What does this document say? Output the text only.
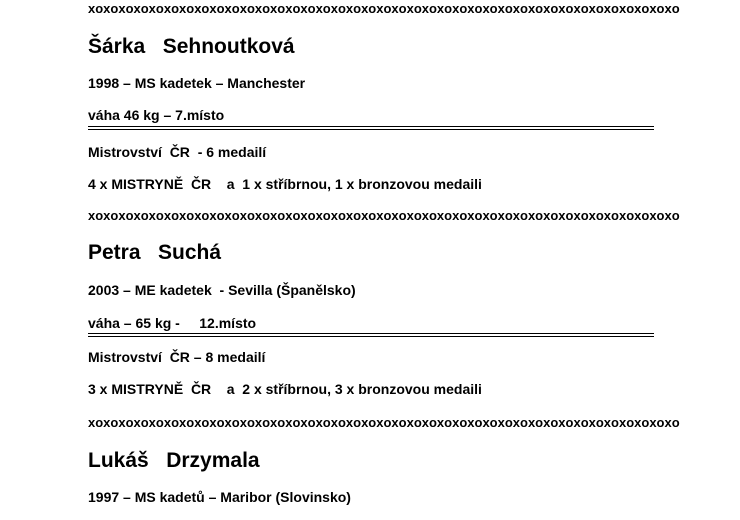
xoxoxoxoxoxoxoxoxoxoxoxoxoxoxoxoxoxoxoxoxoxoxoxoxoxoxoxoxoxoxoxoxoxoxoxoxoxoxo
Šárka   Sehnoutková
1998 – MS kadetek – Manchester
váha 46 kg – 7.místo
Mistrovství  ČR  - 6 medailí
4 x MISTRYNĚ  ČR    a  1 x stříbrnou, 1 x bronzovou medaili
xoxoxoxoxoxoxoxoxoxoxoxoxoxoxoxoxoxoxoxoxoxoxoxoxoxoxoxoxoxoxoxoxoxoxoxoxoxoxo
Petra   Suchá
2003 – ME kadetek  - Sevilla (Španělsko)
váha – 65 kg -     12.místo
Mistrovství  ČR – 8 medailí
3 x MISTRYNĚ  ČR    a  2 x stříbrnou, 3 x bronzovou medaili
xoxoxoxoxoxoxoxoxoxoxoxoxoxoxoxoxoxoxoxoxoxoxoxoxoxoxoxoxoxoxoxoxoxoxoxoxoxoxo
Lukáš   Drzymala
1997 – MS kadetů – Maribor (Slovinsko)
